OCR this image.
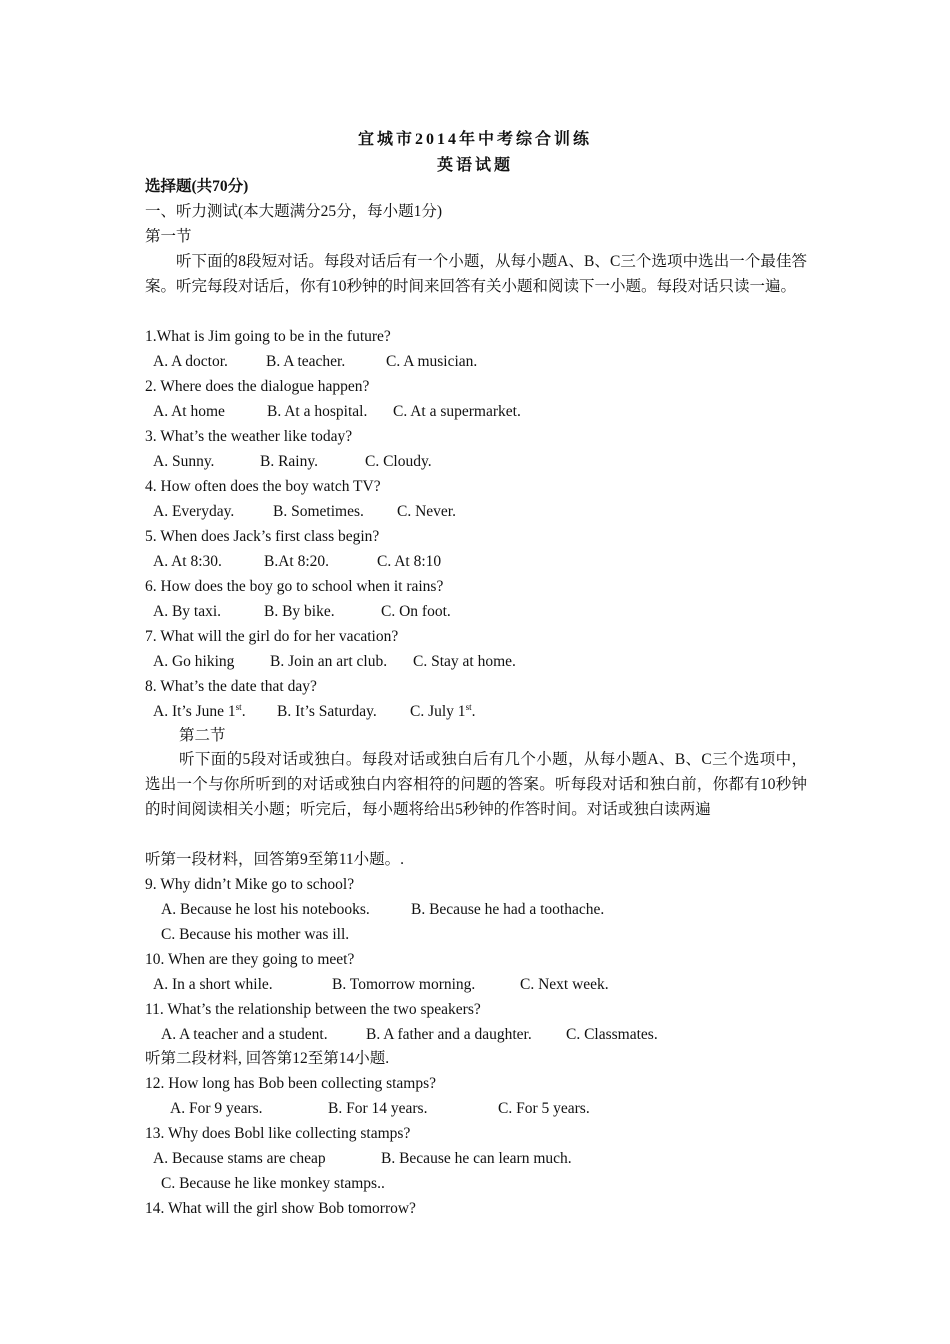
宜城市2014年中考综合训练
英语试题
选择题(共70分)
一、听力测试(本大题满分25分，每小题1分)
第一节
听下面的8段短对话。每段对话后有一个小题，从每小题A、B、C三个选项中选出一个最佳答案。听完每段对话后，你有10秒钟的时间来回答有关小题和阅读下一小题。每段对话只读一遍。
1.What is Jim going to be in the future?
A. A doctor. B. A teacher.	C. A musician.
2. Where does the dialogue happen?
A. At home	B. At a hospital. C. At a supermarket.
3. What’s the weather like today?
A. Sunny.	B. Rainy.	C. Cloudy.
4. How often does the boy watch TV?
A. Everyday.	B. Sometimes. C. Never.
5. When does Jack’s first class begin?
A. At 8:30.	B.At 8:20.	C. At 8:10
6. How does the boy go to school when it rains?
A. By taxi.	B. By bike.	C. On foot.
7. What will the girl do for her vacation?
A. Go hiking B. Join an art club. C. Stay at home.
8. What’s the date that day?
A. It’s June 1st. B. It’s Saturday. C. July 1st.
第二节
听下面的5段对话或独白。每段对话或独白后有几个小题，从每小题A、B、C三个选项中，选出一个与你所听到的对话或独白内容相符的问题的答案。听每段对话和独白前，你都有10秒钟的时间阅读相关小题；听完后，每小题将给出5秒钟的作答时间。对话或独白读两遍
听第一段材料，回答第9至第11小题。.
9. Why didn’t Mike go to school?
A. Because he lost his notebooks.	B. Because he had a toothache.
C. Because his mother was ill.
10. When are they going to meet?
A. In a short while.	B. Tomorrow morning.	C. Next week.
11. What’s the relationship between the two speakers?
A. A teacher and a student. B. A father and a daughter. C. Classmates.
听第二段材料, 回答第12至第14小题.
12. How long has Bob been collecting stamps?
A. For 9 years.	B. For 14 years.	C. For 5 years.
13. Why does Bobl like collecting stamps?
A. Because stams are cheap	B. Because he can learn much.
C. Because he like monkey stamps..
14. What will the girl show Bob tomorrow?
